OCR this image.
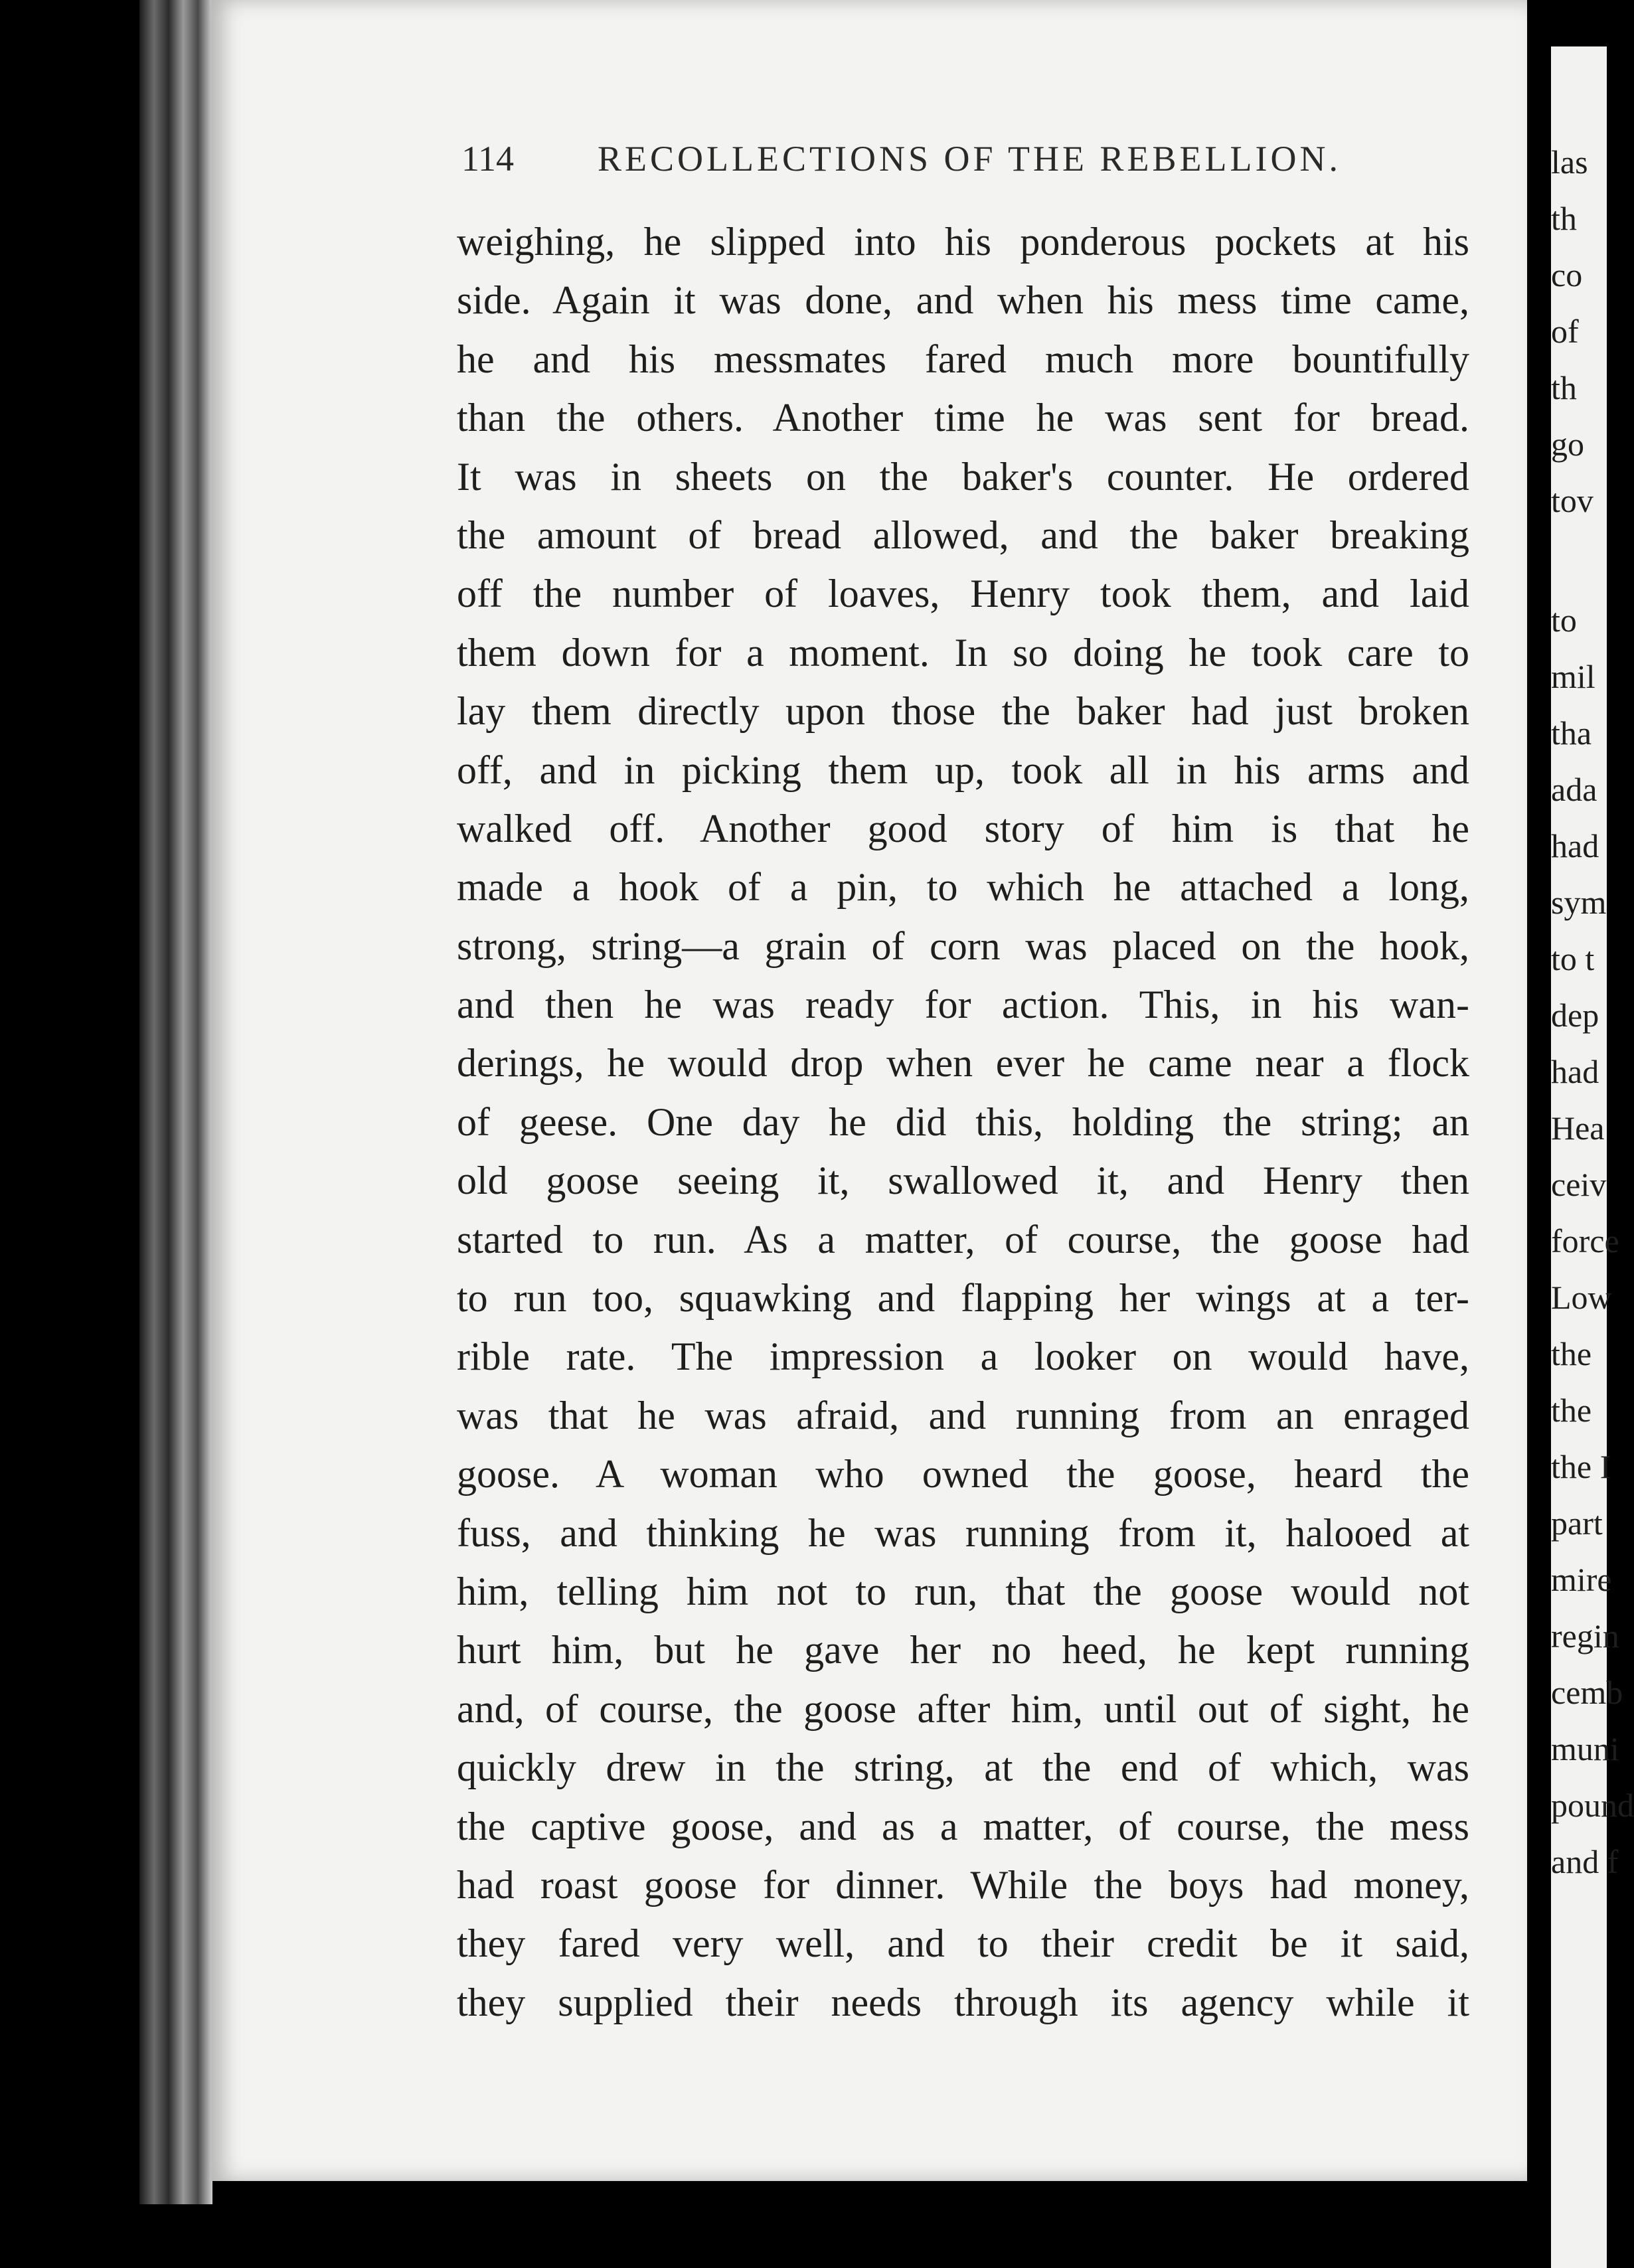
114 RECOLLECTIONS OF THE REBELLION.
weighing, he slipped into his ponderous pockets at his
side. Again it was done, and when his mess time came,
he and his messmates fared much more bountifully
than the others. Another time he was sent for bread.
It was in sheets on the baker's counter. He ordered
the amount of bread allowed, and the baker breaking
off the number of loaves, Henry took them, and laid
them down for a moment. In so doing he took care to
lay them directly upon those the baker had just broken
off, and in picking them up, took all in his arms and
walked off. Another good story of him is that he
made a hook of a pin, to which he attached a long,
strong, string—a grain of corn was placed on the hook,
and then he was ready for action. This, in his wan-
derings, he would drop when ever he came near a flock
of geese. One day he did this, holding the string; an
old goose seeing it, swallowed it, and Henry then
started to run. As a matter, of course, the goose had
to run too, squawking and flapping her wings at a ter-
rible rate. The impression a looker on would have,
was that he was afraid, and running from an enraged
goose. A woman who owned the goose, heard the
fuss, and thinking he was running from it, halooed at
him, telling him not to run, that the goose would not
hurt him, but he gave her no heed, he kept running
and, of course, the goose after him, until out of sight, he
quickly drew in the string, at the end of which, was
the captive goose, and as a matter, of course, the mess
had roast goose for dinner. While the boys had money,
they fared very well, and to their credit be it said,
they supplied their needs through its agency while it
las
th
co
of
th
go
tov
to
mil
tha
ada
had
sym
to t
dep
had
Hea
ceiv
force
Low
the
the
the I
part
mire
regin
cemb
muni
pound
and f
